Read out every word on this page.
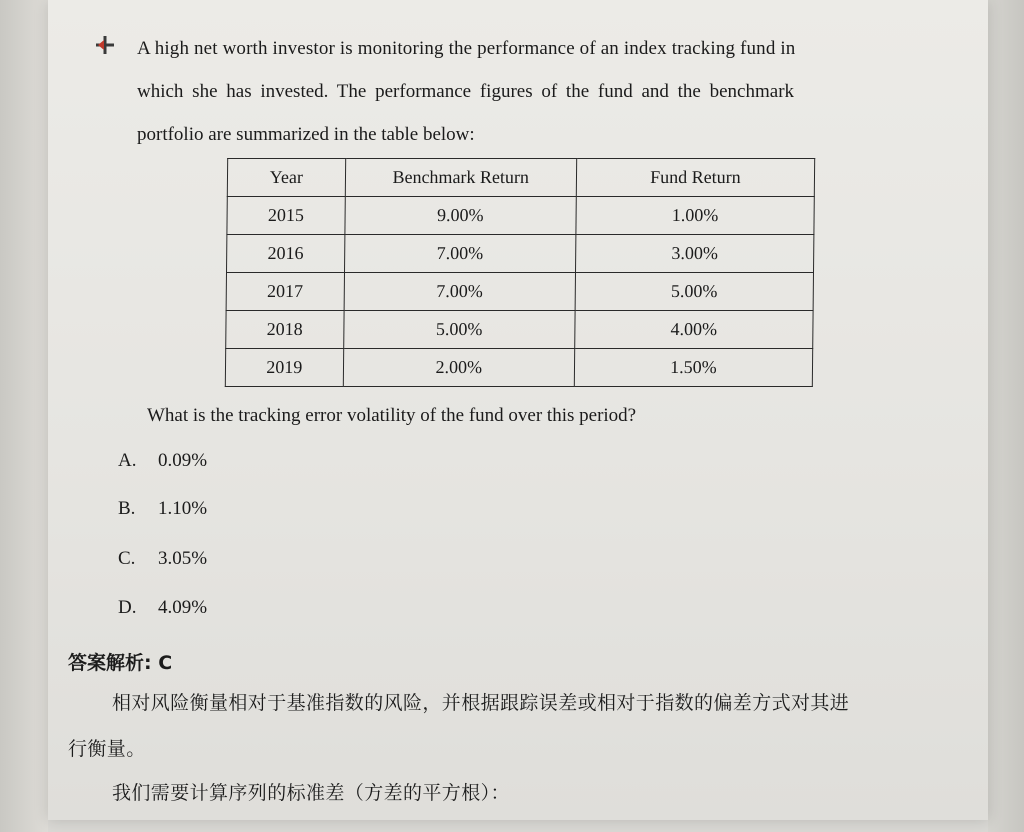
A high net worth investor is monitoring the performance of an index tracking fund in
which she has invested. The performance figures of the fund and the benchmark
portfolio are summarized in the table below:
Year	Benchmark Return	Fund Return
2015	9.00%	1.00%
2016	7.00%	3.00%
2017	7.00%	5.00%
2018	5.00%	4.00%
2019	2.00%	1.50%
What is the tracking error volatility of the fund over this period?
A. 0.09%
B. 1.10%
C. 3.05%
D. 4.09%
答案解析: C
相对风险衡量相对于基准指数的风险，并根据跟踪误差或相对于指数的偏差方式对其进
行衡量。
我们需要计算序列的标准差（方差的平方根）：
